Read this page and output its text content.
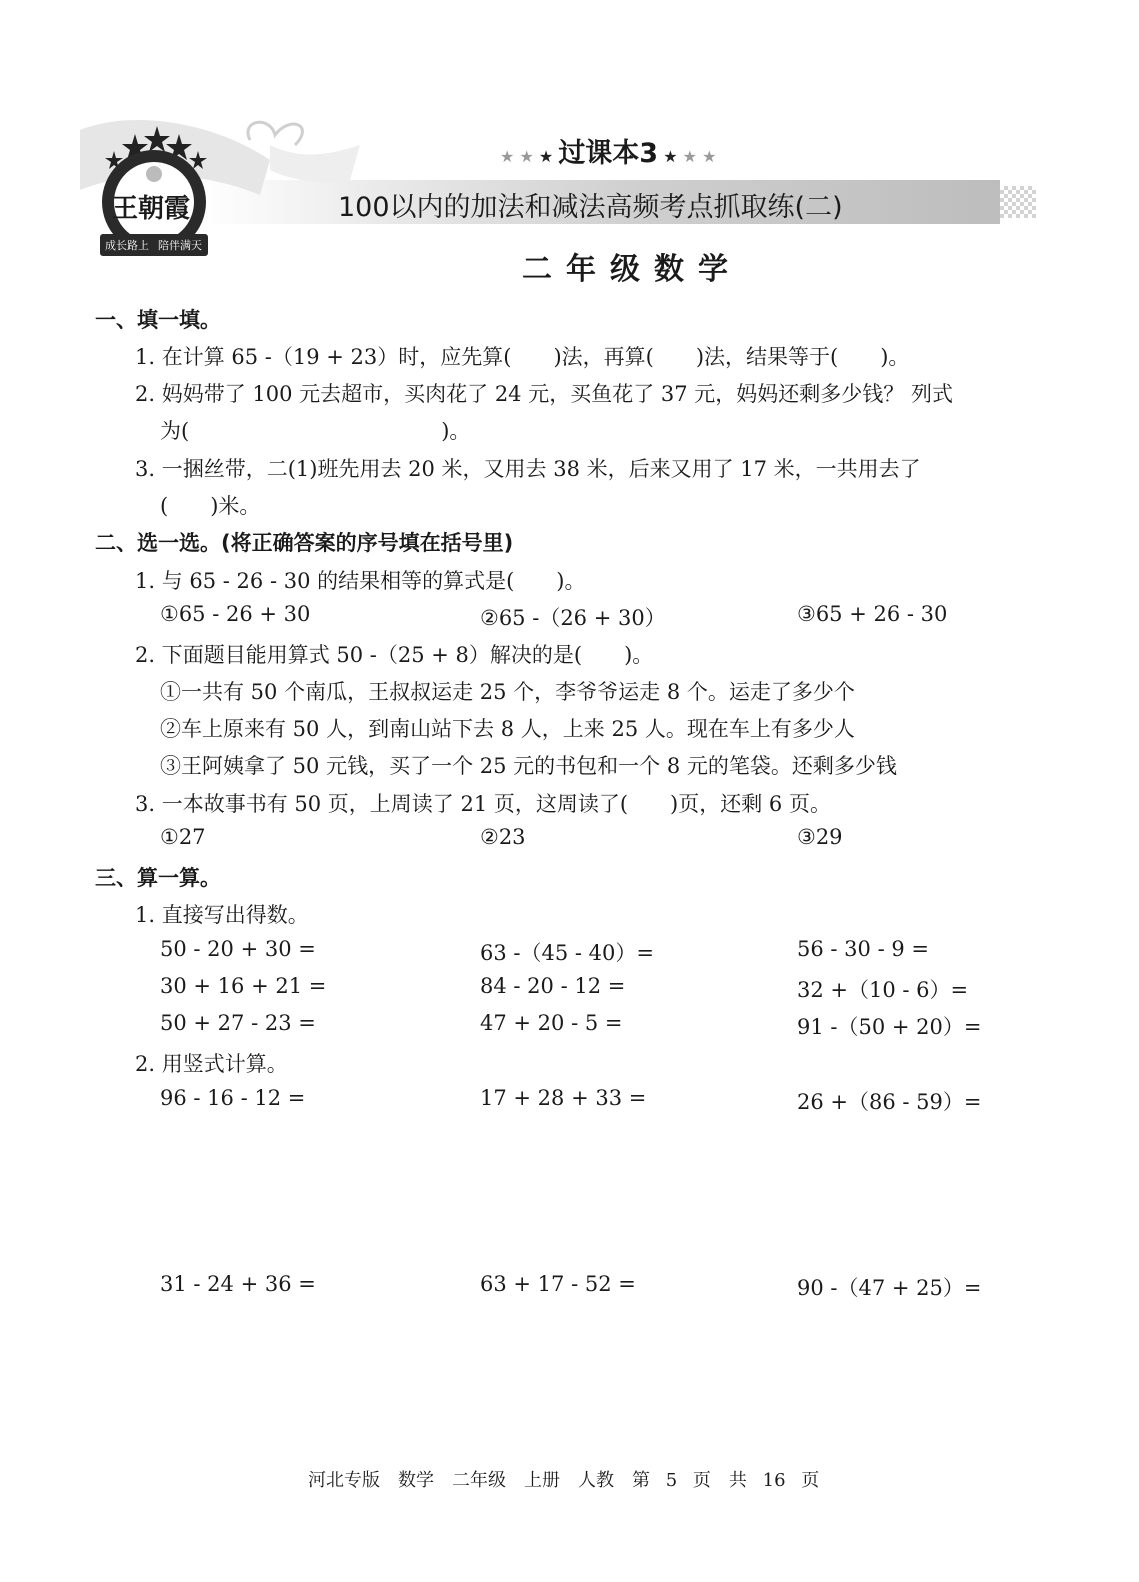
王朝霞
成长路上 陪伴满天
★ ★ ★ 过课本3 ★ ★ ★
100以内的加法和减法高频考点抓取练(二)
二年级数学
一、填一填。
1. 在计算 65 -（19 + 23）时，应先算(　　)法，再算(　　)法，结果等于(　　)。
2. 妈妈带了 100 元去超市，买肉花了 24 元，买鱼花了 37 元，妈妈还剩多少钱？ 列式
为(　　　　　　　　　　　　)。
3. 一捆丝带，二(1)班先用去 20 米，又用去 38 米，后来又用了 17 米，一共用去了
(　　)米。
二、选一选。(将正确答案的序号填在括号里)
1. 与 65 - 26 - 30 的结果相等的算式是(　　)。
①65 - 26 + 30	②65 -（26 + 30）	③65 + 26 - 30
2. 下面题目能用算式 50 -（25 + 8）解决的是(　　)。
①一共有 50 个南瓜，王叔叔运走 25 个，李爷爷运走 8 个。运走了多少个
②车上原来有 50 人，到南山站下去 8 人，上来 25 人。现在车上有多少人
③王阿姨拿了 50 元钱，买了一个 25 元的书包和一个 8 元的笔袋。还剩多少钱
3. 一本故事书有 50 页，上周读了 21 页，这周读了(　　)页，还剩 6 页。
①27	②23	③29
三、算一算。
1. 直接写出得数。
50 - 20 + 30 =	63 -（45 - 40）=	56 - 30 - 9 =
30 + 16 + 21 =	84 - 20 - 12 =	32 +（10 - 6）=
50 + 27 - 23 =	47 + 20 - 5 =	91 -（50 + 20）=
2. 用竖式计算。
96 - 16 - 12 =	17 + 28 + 33 =	26 +（86 - 59）=
31 - 24 + 36 =	63 + 17 - 52 =	90 -（47 + 25）=
河北专版　数学　二年级　上册　人教　第 5 页　共 16 页
